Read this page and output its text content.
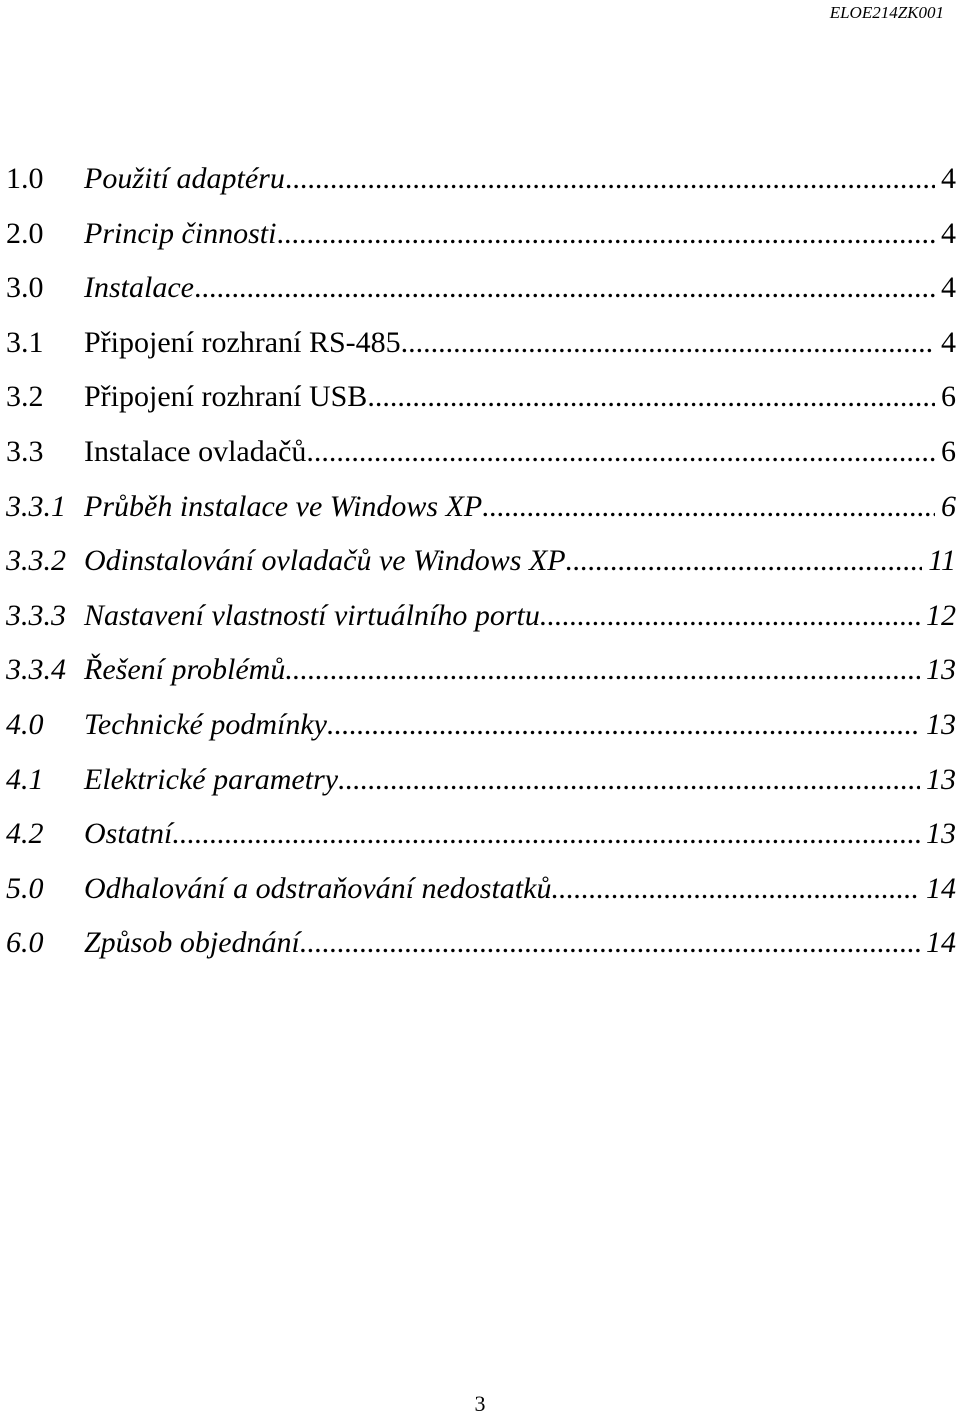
ELOE214ZK001
1.0	Použití adaptéru .....	4
2.0	Princip činnosti .....	4
3.0	Instalace .....	4
3.1	Připojení rozhraní RS-485 .....	4
3.2	Připojení rozhraní USB .....	6
3.3	Instalace ovladačů .....	6
3.3.1 Průběh instalace ve Windows XP .....	6
3.3.2 Odinstalování ovladačů ve Windows XP .....	11
3.3.3 Nastavení vlastností virtuálního portu .....	12
3.3.4 Řešení problémů .....	13
4.0	Technické podmínky .....	13
4.1	Elektrické parametry .....	13
4.2	Ostatní .....	13
5.0	Odhalování a odstraňování nedostatků .....	14
6.0	Způsob objednání .....	14
3
